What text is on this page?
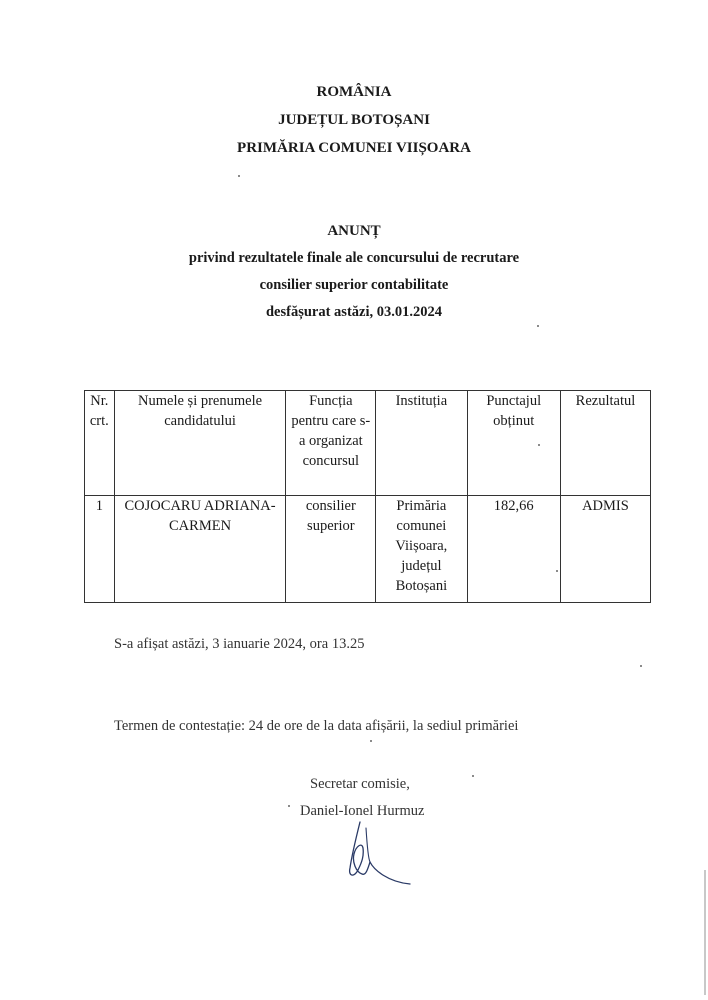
ROMÂNIA
JUDEȚUL BOTOȘANI
PRIMĂRIA COMUNEI VIIȘOARA
ANUNȚ
privind rezultatele finale ale concursului de recrutare
consilier superior contabilitate
desfășurat astăzi, 03.01.2024
Nr. crt.	Numele și prenumele candidatului	Funcția pentru care s-a organizat concursul	Instituția	Punctajul obținut	Rezultatul
1	COJOCARU ADRIANA-CARMEN	consilier superior	Primăria comunei Viișoara, județul Botoșani	182,66	ADMIS
S-a afișat astăzi, 3 ianuarie 2024, ora 13.25
Termen de contestație: 24 de ore de la data afișării, la sediul primăriei
Secretar comisie,
Daniel-Ionel Hurmuz
